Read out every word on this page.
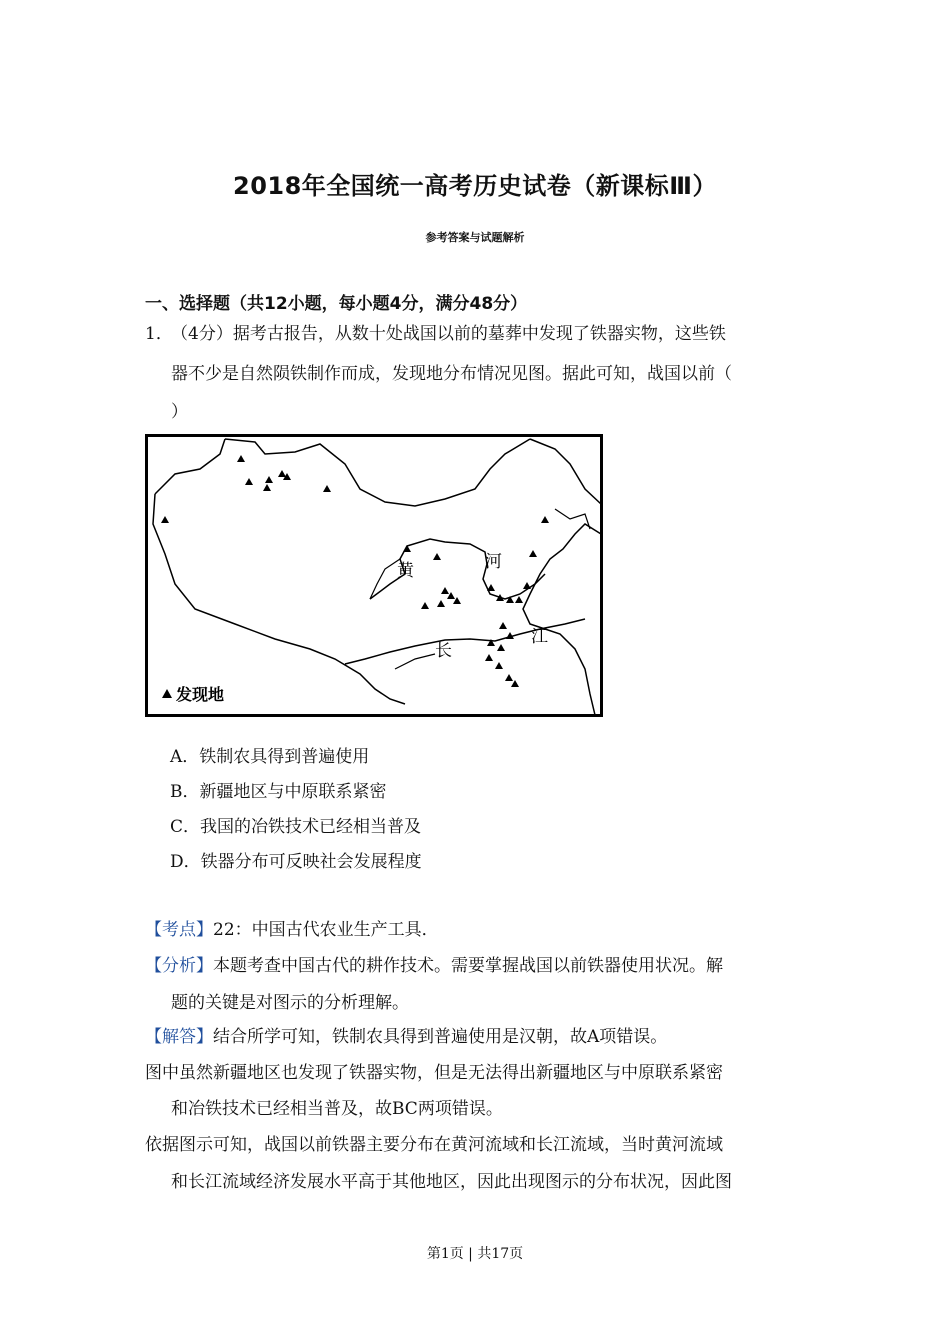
2018年全国统一高考历史试卷（新课标Ⅲ）
参考答案与试题解析
一、选择题（共12小题，每小题4分，满分48分）
1．
（4分）据考古报告，从数十处战国以前的墓葬中发现了铁器实物，这些铁
器不少是自然陨铁制作而成，发现地分布情况见图。据此可知，战国以前（
）
黄	河
长
江
发现地
A．铁制农具得到普遍使用
B．新疆地区与中原联系紧密
C．我国的冶铁技术已经相当普及
D．铁器分布可反映社会发展程度
【考点】22：中国古代农业生产工具．
【分析】本题考查中国古代的耕作技术。需要掌握战国以前铁器使用状况。解
题的关键是对图示的分析理解。
【解答】结合所学可知，铁制农具得到普遍使用是汉朝，故A项错误。
图中虽然新疆地区也发现了铁器实物，但是无法得出新疆地区与中原联系紧密
和冶铁技术已经相当普及，故BC两项错误。
依据图示可知，战国以前铁器主要分布在黄河流域和长江流域，当时黄河流域
和长江流域经济发展水平高于其他地区，因此出现图示的分布状况，因此图
第1页 | 共17页
